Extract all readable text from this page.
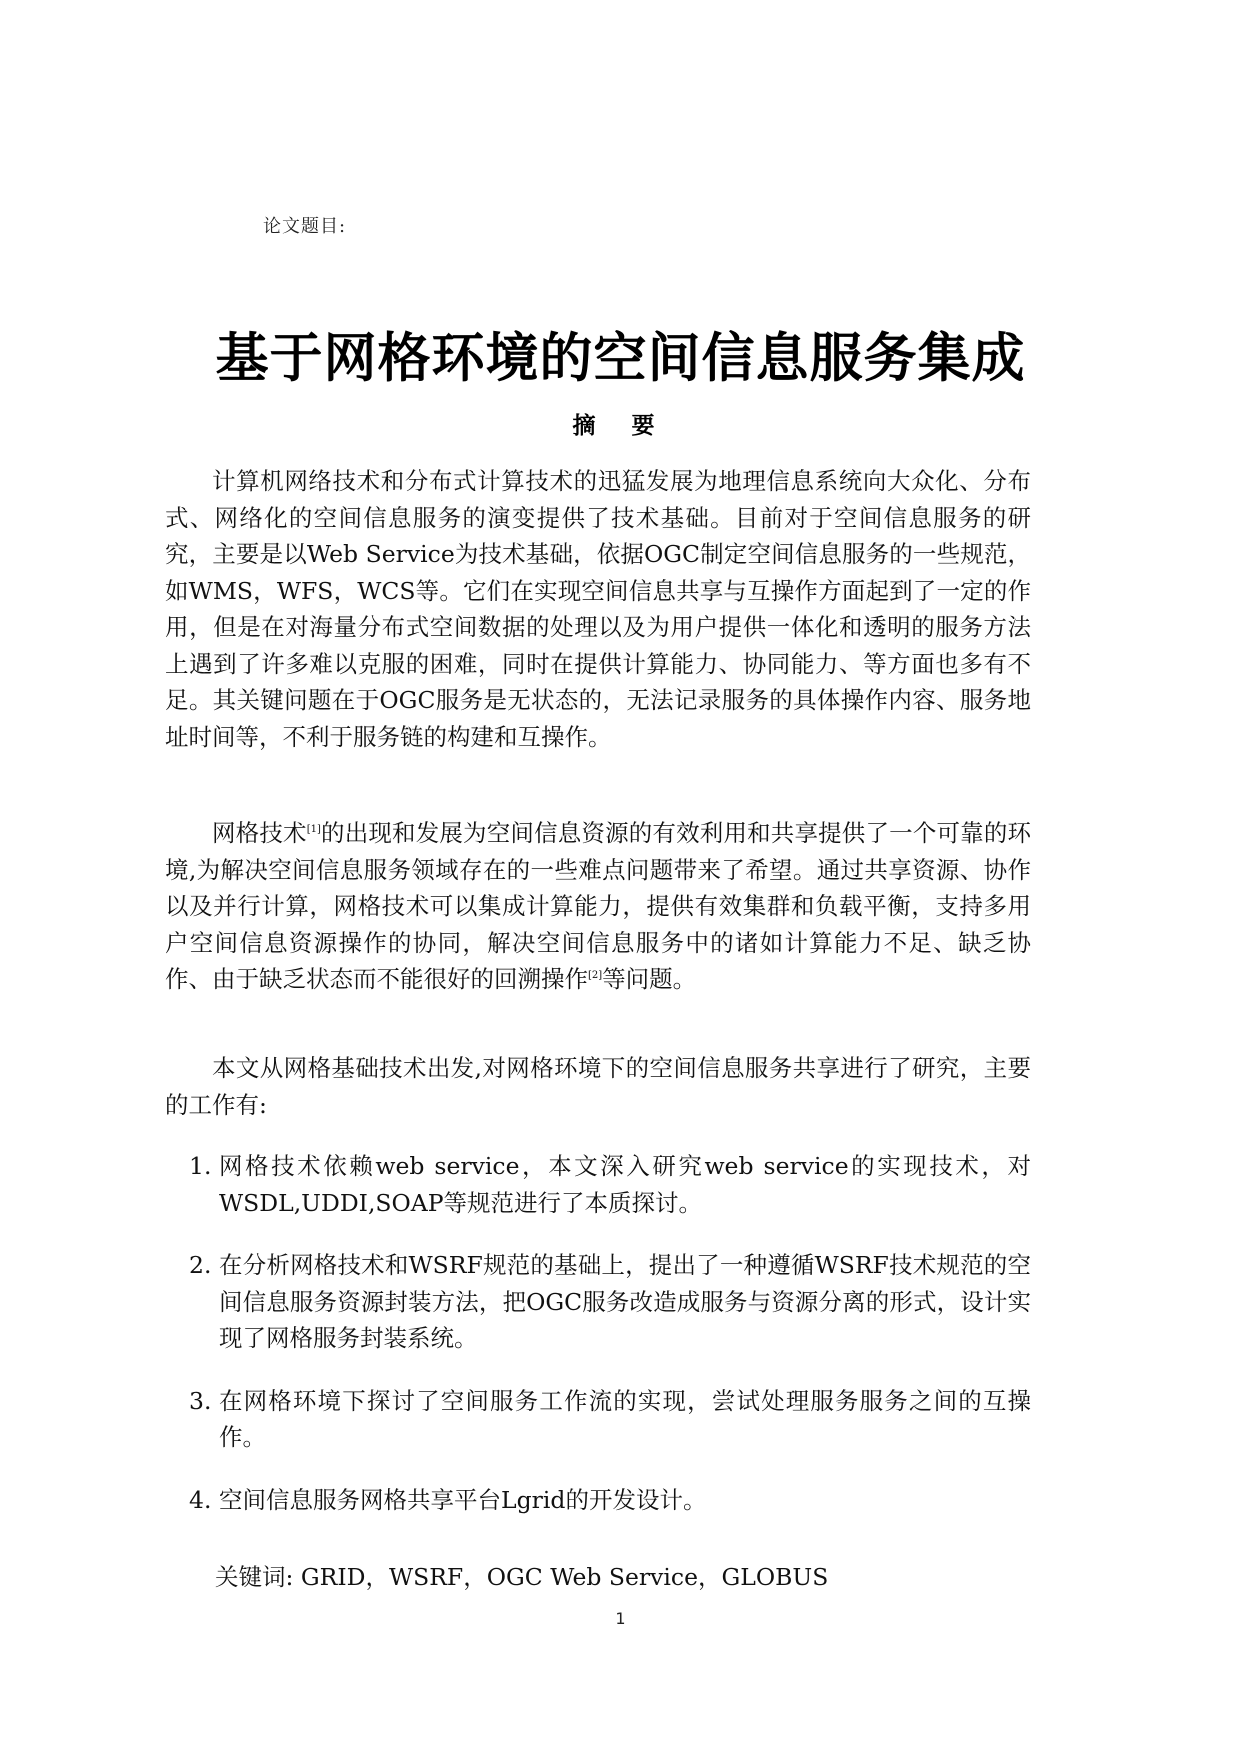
论文题目:
基于网格环境的空间信息服务集成
摘 要

计算机网络技术和分布式计算技术的迅猛发展为地理信息系统向大众化、分布式、网络化的空间信息服务的演变提供了技术基础。目前对于空间信息服务的研究，主要是以Web Service为技术基础，依据OGC制定空间信息服务的一些规范，如WMS，WFS，WCS等。它们在实现空间信息共享与互操作方面起到了一定的作用，但是在对海量分布式空间数据的处理以及为用户提供一体化和透明的服务方法上遇到了许多难以克服的困难，同时在提供计算能力、协同能力、等方面也多有不足。其关键问题在于OGC服务是无状态的，无法记录服务的具体操作内容、服务地址时间等，不利于服务链的构建和互操作。

网格技术[1]的出现和发展为空间信息资源的有效利用和共享提供了一个可靠的环境,为解决空间信息服务领域存在的一些难点问题带来了希望。通过共享资源、协作以及并行计算，网格技术可以集成计算能力，提供有效集群和负载平衡，支持多用户空间信息资源操作的协同，解决空间信息服务中的诸如计算能力不足、缺乏协作、由于缺乏状态而不能很好的回溯操作[2]等问题。

本文从网格基础技术出发,对网格环境下的空间信息服务共享进行了研究，主要的工作有:

1. 网格技术依赖web service，本文深入研究web service的实现技术，对WSDL,UDDI,SOAP等规范进行了本质探讨。
2. 在分析网格技术和WSRF规范的基础上，提出了一种遵循WSRF技术规范的空间信息服务资源封装方法，把OGC服务改造成服务与资源分离的形式，设计实现了网格服务封装系统。
3. 在网格环境下探讨了空间服务工作流的实现，尝试处理服务服务之间的互操作。
4. 空间信息服务网格共享平台Lgrid的开发设计。
关键词: GRID，WSRF，OGC Web Service，GLOBUS
1
